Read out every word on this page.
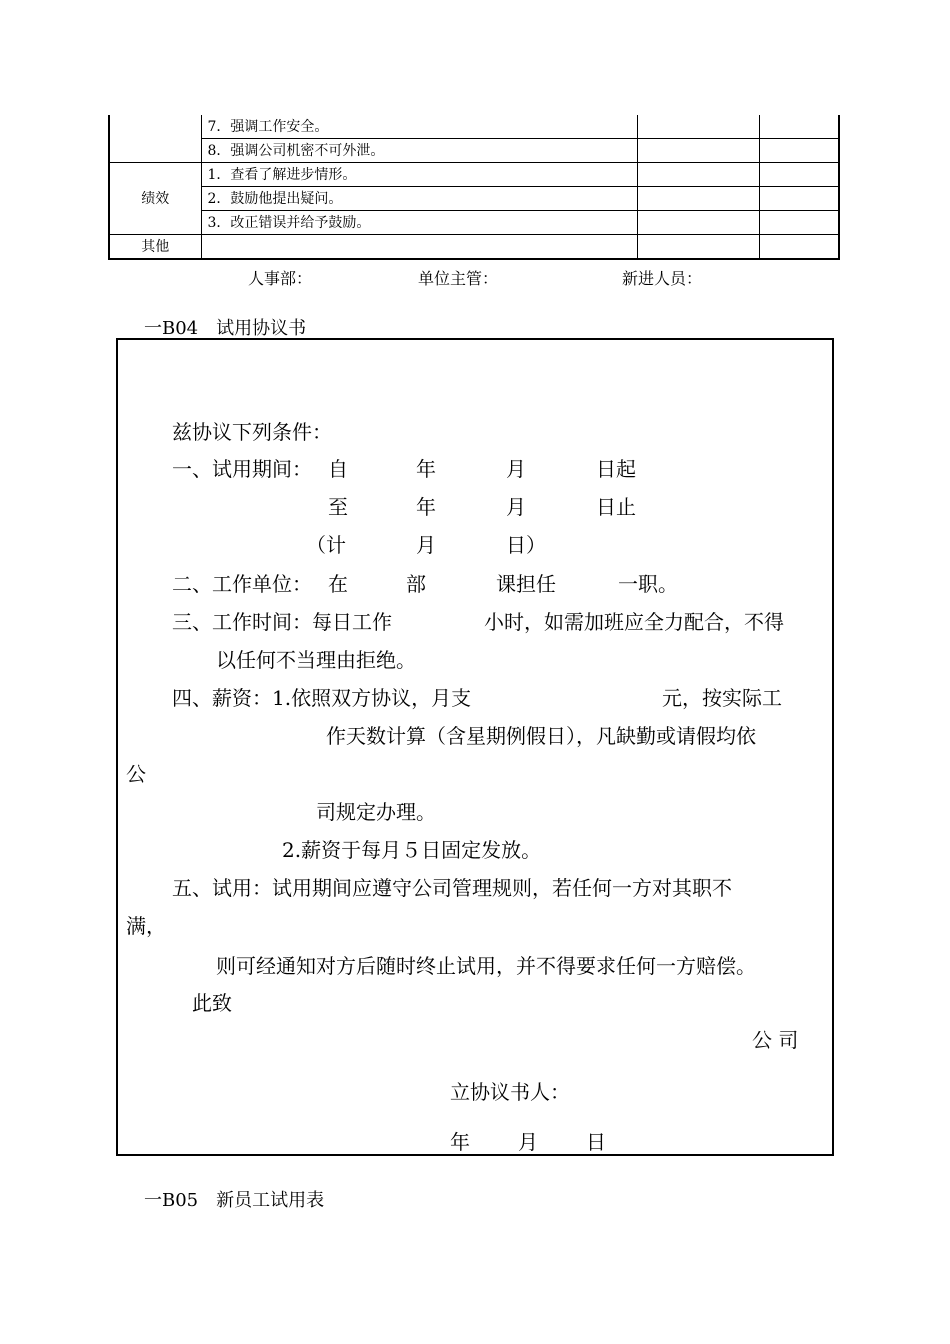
	7．强调工作安全。		
	8．强调公司机密不可外泄。		
绩效	1．查看了解进步情形。		
	2．鼓励他提出疑问。		
	3．改正错误并给予鼓励。		
其他			
人事部：	单位主管：	新进人员：
一B04　试用协议书
兹协议下列条件：
一、试用期间： 自	年	月	日起
至	年	月	日止
（计	月	日）
二、工作单位： 在	部	课担任	一职。
三、工作时间：每日工作	小时，如需加班应全力配合，不得
以任何不当理由拒绝。
四、薪资：1.依照双方协议，月支	元，按实际工
作天数计算（含星期例假日），凡缺勤或请假均依
公
司规定办理。
2.薪资于每月５日固定发放。
五、试用：试用期间应遵守公司管理规则，若任何一方对其职不
满，
则可经通知对方后随时终止试用，并不得要求任何一方赔偿。
此致
公 司
立协议书人：
年 月 日
一B05　新员工试用表
